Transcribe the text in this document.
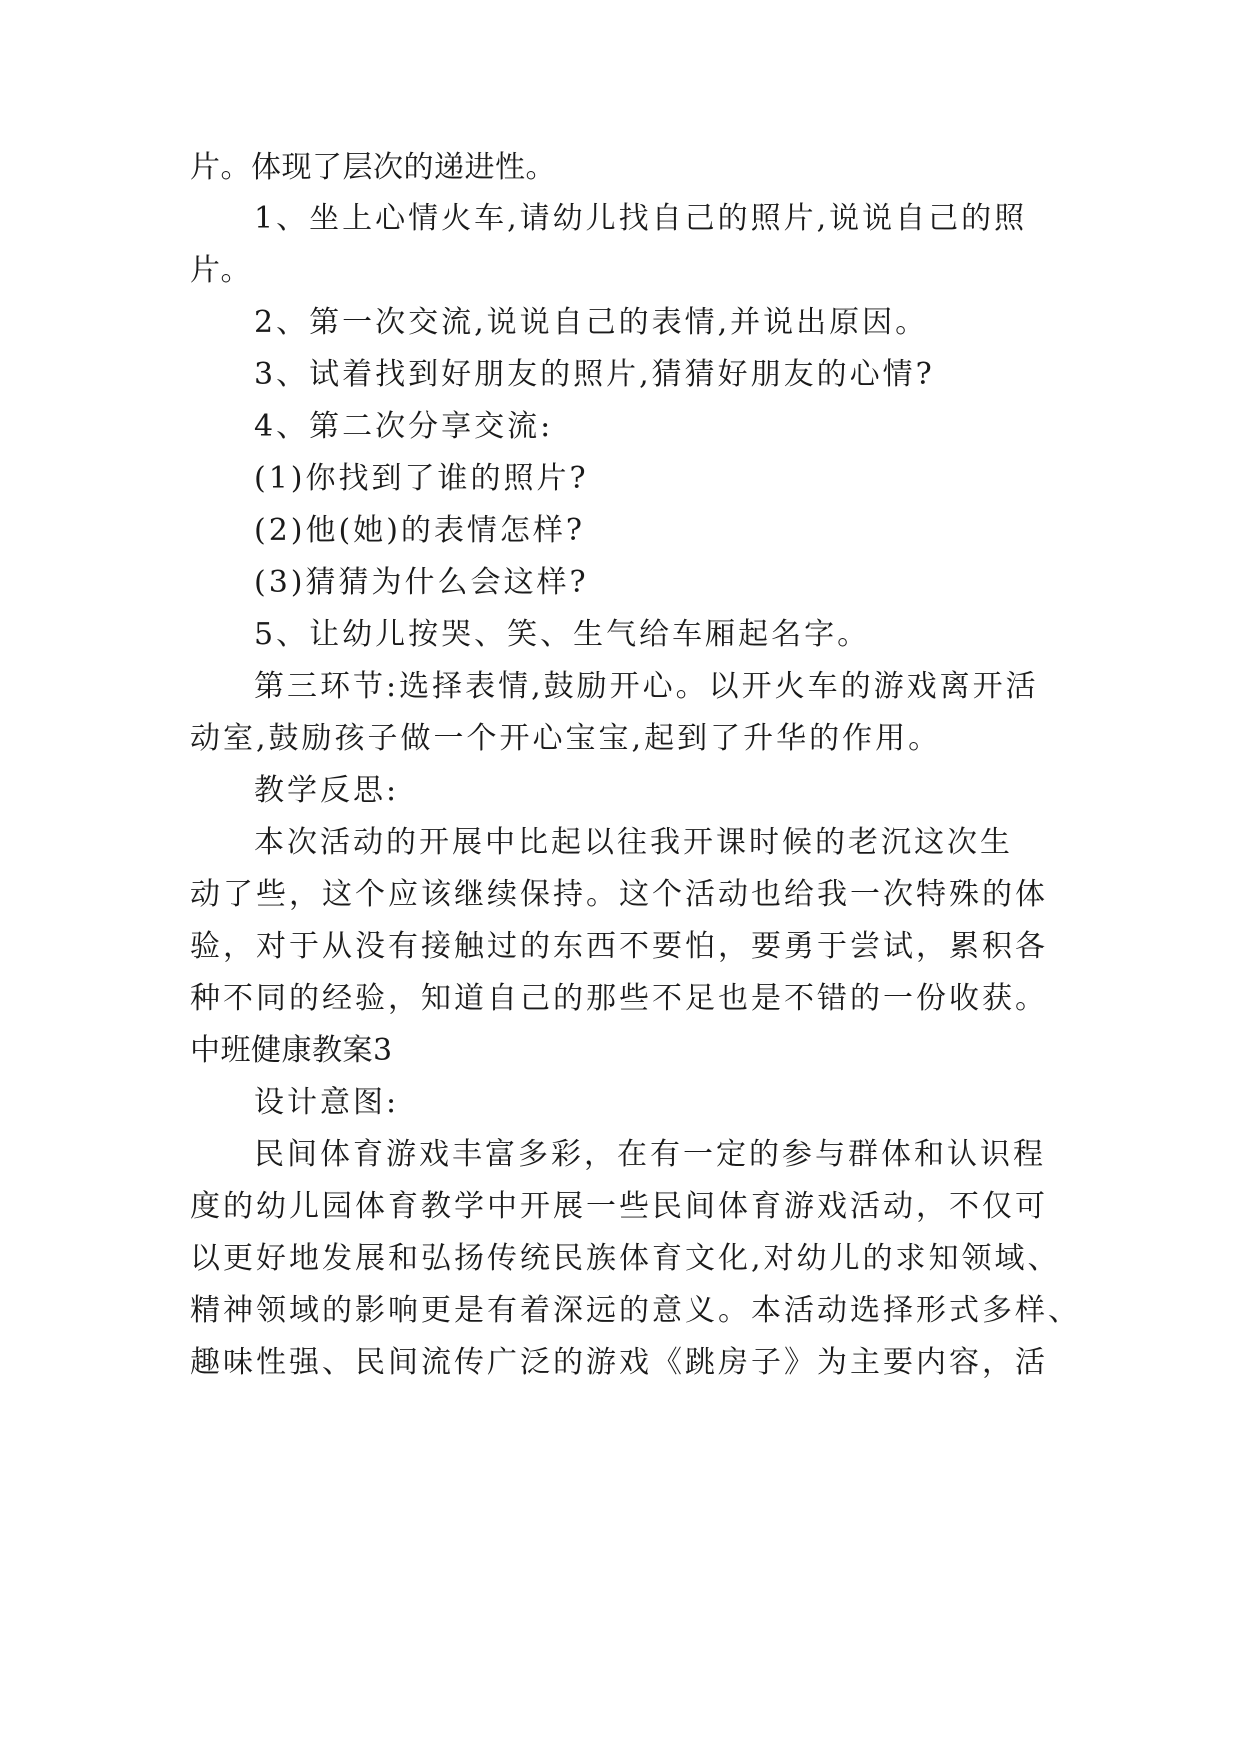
片。体现了层次的递进性。
1、坐上心情火车,请幼儿找自己的照片,说说自己的照
片。
2、第一次交流,说说自己的表情,并说出原因。
3、试着找到好朋友的照片,猜猜好朋友的心情?
4、第二次分享交流:
(1)你找到了谁的照片?
(2)他(她)的表情怎样?
(3)猜猜为什么会这样?
5、让幼儿按哭、笑、生气给车厢起名字。
第三环节:选择表情,鼓励开心。以开火车的游戏离开活
动室,鼓励孩子做一个开心宝宝,起到了升华的作用。
教学反思:
本次活动的开展中比起以往我开课时候的老沉这次生
动了些，这个应该继续保持。这个活动也给我一次特殊的体
验，对于从没有接触过的东西不要怕，要勇于尝试，累积各
种不同的经验，知道自己的那些不足也是不错的一份收获。
中班健康教案3
设计意图:
民间体育游戏丰富多彩，在有一定的参与群体和认识程
度的幼儿园体育教学中开展一些民间体育游戏活动，不仅可
以更好地发展和弘扬传统民族体育文化,对幼儿的求知领域、
精神领域的影响更是有着深远的意义。本活动选择形式多样、
趣味性强、民间流传广泛的游戏《跳房子》为主要内容，活
